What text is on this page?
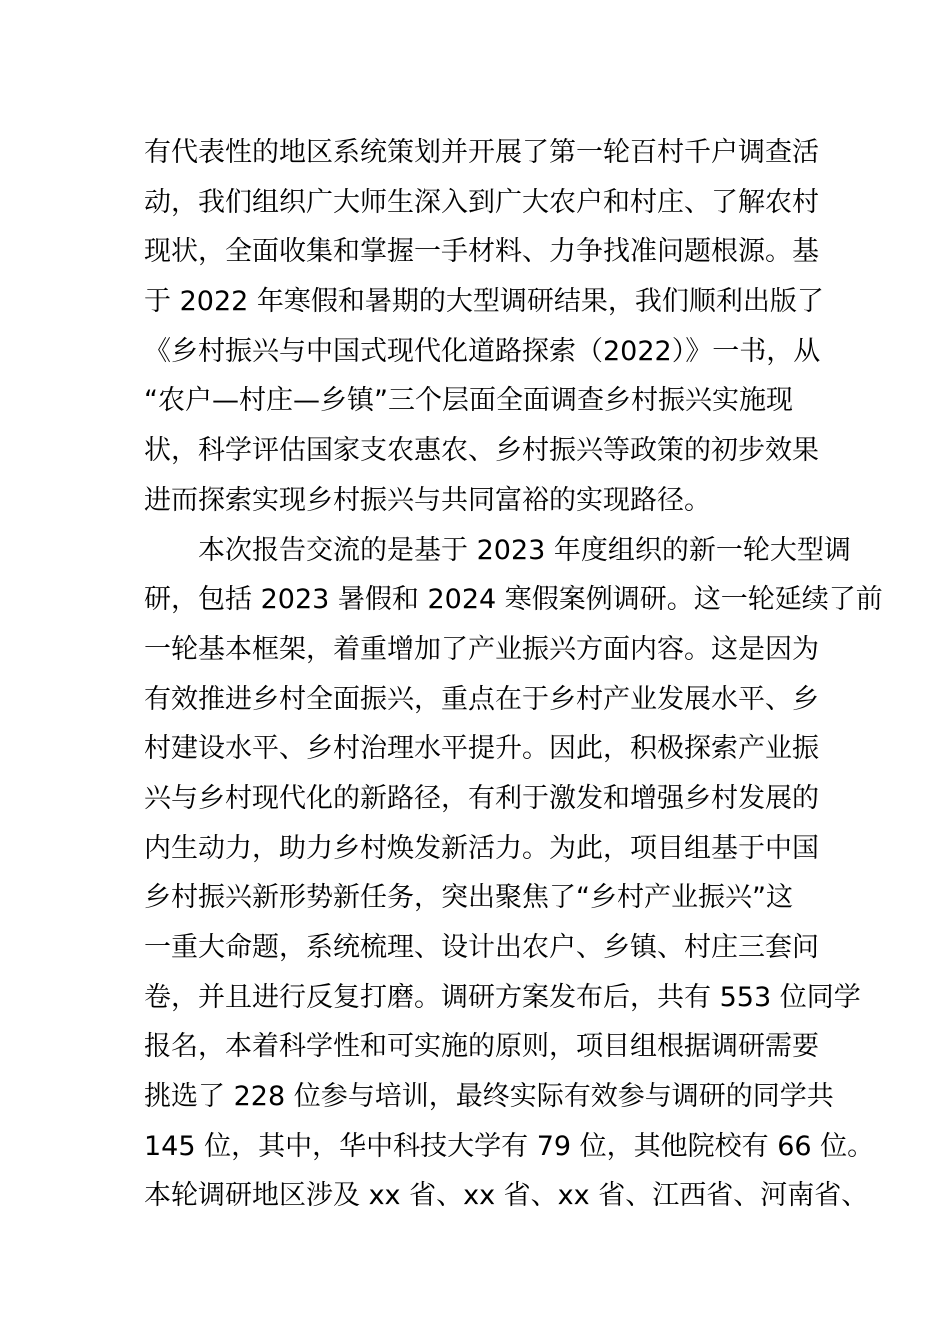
有代表性的地区系统策划并开展了第一轮百村千户调查活
动，我们组织广大师生深入到广大农户和村庄、了解农村
现状，全面收集和掌握一手材料、力争找准问题根源。基
于 2022 年寒假和暑期的大型调研结果，我们顺利出版了
《乡村振兴与中国式现代化道路探索（2022）》一书，从
“农户—村庄—乡镇”三个层面全面调查乡村振兴实施现
状，科学评估国家支农惠农、乡村振兴等政策的初步效果
进而探索实现乡村振兴与共同富裕的实现路径。
本次报告交流的是基于 2023 年度组织的新一轮大型调
研，包括 2023 暑假和 2024 寒假案例调研。这一轮延续了前
一轮基本框架，着重增加了产业振兴方面内容。这是因为
有效推进乡村全面振兴，重点在于乡村产业发展水平、乡
村建设水平、乡村治理水平提升。因此，积极探索产业振
兴与乡村现代化的新路径，有利于激发和增强乡村发展的
内生动力，助力乡村焕发新活力。为此，项目组基于中国
乡村振兴新形势新任务，突出聚焦了“乡村产业振兴”这
一重大命题，系统梳理、设计出农户、乡镇、村庄三套问
卷，并且进行反复打磨。调研方案发布后，共有 553 位同学
报名，本着科学性和可实施的原则，项目组根据调研需要
挑选了 228 位参与培训，最终实际有效参与调研的同学共
145 位，其中，华中科技大学有 79 位，其他院校有 66 位。
本轮调研地区涉及 xx 省、xx 省、xx 省、江西省、河南省、
